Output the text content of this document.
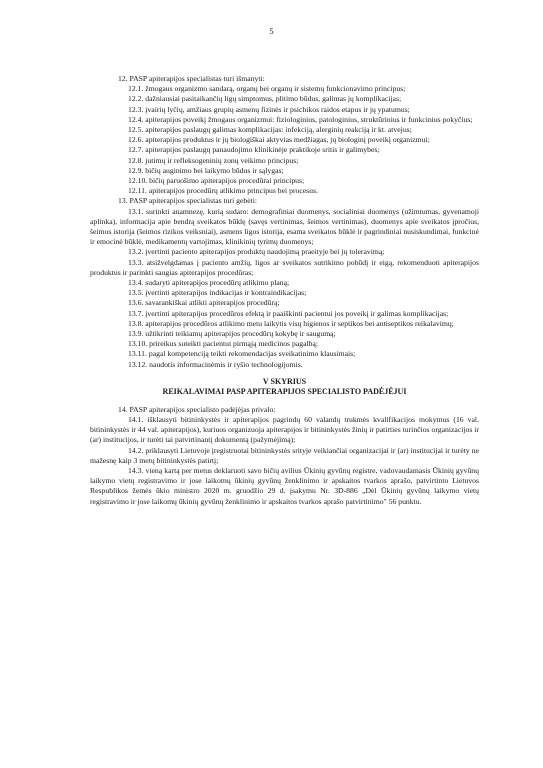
5

12. PASP apiterapijos specialistas turi išmanyti:

12.1. žmogaus organizmo sandarą, organų bei organų ir sistemų funkcionavimo principus;

12.2. dažniausiai pasitaikančių ligų simptomus, plitimo būdus, galimas jų komplikacijas;

12.3. įvairių lyčių, amžiaus grupių asmenų fizinės ir psichikos raidos etapus ir jų ypatumus;

12.4. apiterapijos poveikį žmogaus organizmui: fiziologinius, patologinius, struktūrinius ir funkcinius pokyčius;

12.5. apiterapijos paslaugų galimas komplikacijas: infekciją, alerginių reakciją ir kt. atvejus;

12.6. apiterapijos produktus ir jų biologiškai aktyvias medžiagas, jų biologinį poveikį organizmui;

12.7. apiterapijos paslaugų panaudojimo klinikinėje praktikoje sritis ir galimybes;

12.8. jutimų ir refleksogeninių zonų veikimo principus;

12.9. bičių auginimo bei laikymo būdus ir sąlygas;

12.10. bičių paruošimo apiterapijos procedūrai principus;

12.11. apiterapijos procedūrų atlikimo principus bei procesus.

13. PASP apiterapijos specialistas turi gebėti:

13.1. surinkti anamnezę, kurią sudaro: demografiniai duomenys, socialiniai duomenys (užimtumas, gyvenamoji aplinka), informacija apie bendrą sveikatos būklę (savęs vertinimas, šeimos vertinimas), duomenys apie sveikatos įpročius, šeimos istorija (šeimos rizikos veiksniai), asmens ligos istorija, esama sveikatos būklė ir pagrindiniai nusiskundimai, funkcinė ir emocinė būklė, medikamentų vartojimas, klinikinių tyrimų duomenys;

13.2. įvertinti paciento apiterapijos produktų naudojimą praeityje bei jų toleravimą;

13.3. atsižvelgdamas į paciento amžių, ligos ar sveikatos sutrikimo pobūdį ir eigą, rekomenduoti apiterapijos produktus ir parinkti saugias apiterapijos procedūras;

13.4. sudaryti apiterapijos procedūrų atlikimo planą;

13.5. įvertinti apiterapijos indikacijas ir kontraindikacijas;

13.6. savarankiškai atlikti apiterapijos procedūrą;

13.7. įvertinti apiterapijos procedūros efektą ir paaiškinti pacientui jos poveikį ir galimas komplikacijas;

13.8. apiterapijos procedūros atlikimo metu laikytis visų higienos ir septikos bei antiseptikos reikalavimų;

13.9. užtikrinti teikiamų apiterapijos procedūrų kokybę ir saugumą;

13.10. prireikus suteikti pacientui pirmąją medicinos pagalbą;

13.11. pagal kompetenciją teikti rekomendacijas sveikatinimo klausimais;

13.12. naudotis informacinėmis ir ryšio technologijomis.

V SKYRIUS

REIKALAVIMAI PASP APITERAPIJOS SPECIALISTO PADĖJĖJUI

14. PASP apiterapijos specialisto padėjėjas privalo:

14.1. išklausyti bitininkystės ir apiterapijos pagrindų 60 valandų trukmės kvalifikacijos mokymus (16 val. bitininkystės ir 44 val. apiterapijos), kuriuos organizuoja apiterapijos ir bitininkystės žinių ir patirties turinčios organizacijos ir (ar) institucijos, ir turėti tai patvirtinantį dokumentą (pažymėjimą);

14.2. priklausyti Lietuvoje įregistruotai bitininkystės srityje veikiančiai organizacijai ir (ar) institucijai ir turėty ne mažesnę kaip 3 metų bitininkystės patirtį;

14.3. vieną kartą per metus deklaruoti savo bičių avilius Ūkinių gyvūnų registre, vadovaudamasis Ūkinių gyvūnų laikymo vietų registravimo ir jose laikomų ūkinių gyvūnų ženklinimo ir apskaitos tvarkos aprašo, patvirtinto Lietuvos Respublikos žemės ūkio ministro 2020 m. gruodžio 29 d. įsakymu Nr. 3D-886 „Dėl Ūkinių gyvūnų laikymo vietų registravimo ir jose laikomų ūkinių gyvūnų ženklinimo ir apskaitos tvarkos aprašo patvirtinimo" 56 punktu.
